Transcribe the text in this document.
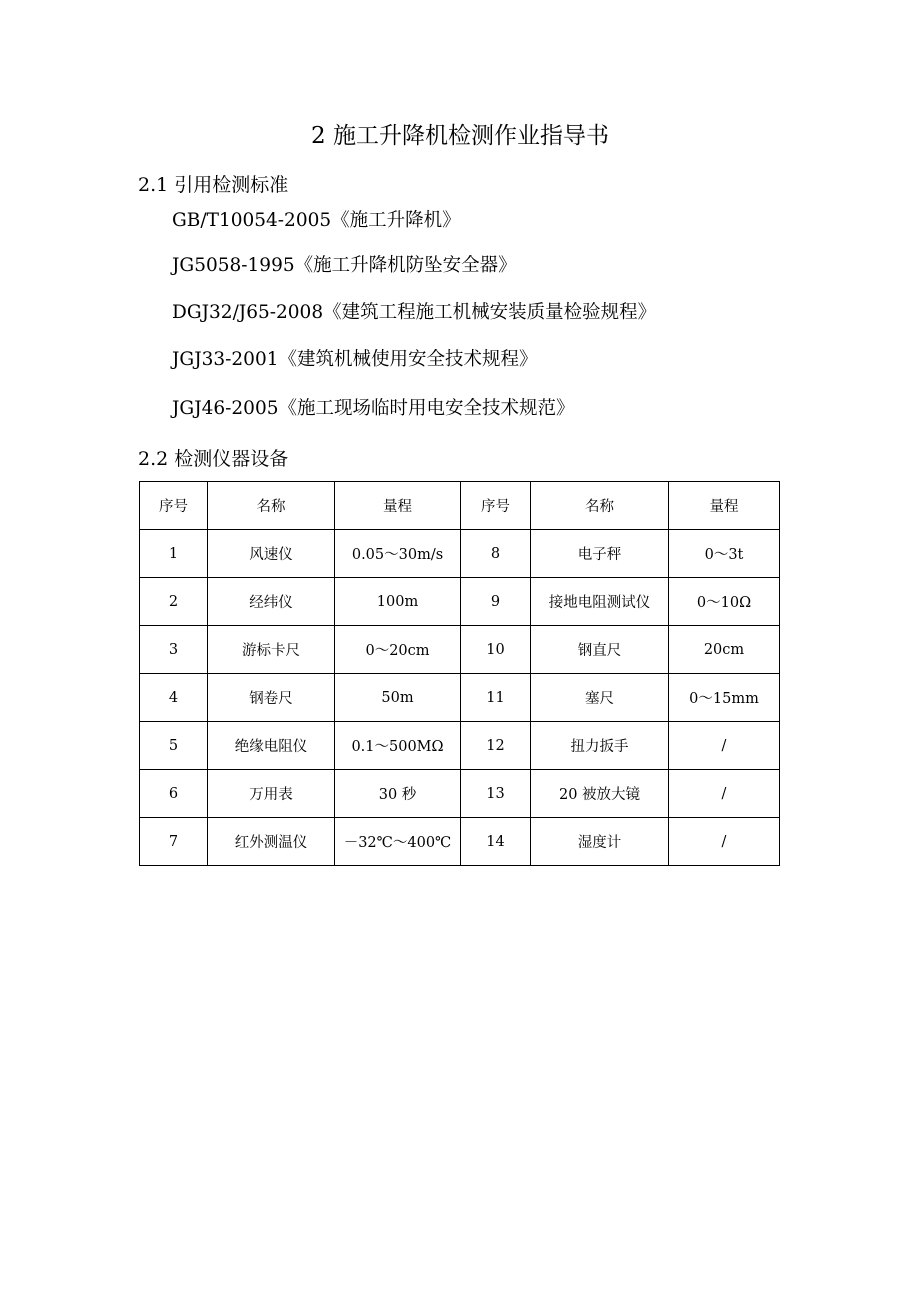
2 施工升降机检测作业指导书
2.1 引用检测标准
GB/T10054-2005《施工升降机》
JG5058-1995《施工升降机防坠安全器》
DGJ32/J65-2008《建筑工程施工机械安装质量检验规程》
JGJ33-2001《建筑机械使用安全技术规程》
JGJ46-2005《施工现场临时用电安全技术规范》
2.2 检测仪器设备
序号	名称	量程	序号	名称	量程
1	风速仪	0.05～30m/s	8	电子秤	0～3t
2	经纬仪	100m	9	接地电阻测试仪	0～10Ω
3	游标卡尺	0～20cm	10	钢直尺	20cm
4	钢卷尺	50m	11	塞尺	0～15mm
5	绝缘电阻仪	0.1～500MΩ	12	扭力扳手	/
6	万用表	30 秒	13	20 被放大镜	/
7	红外测温仪	－32℃～400℃	14	湿度计	/
